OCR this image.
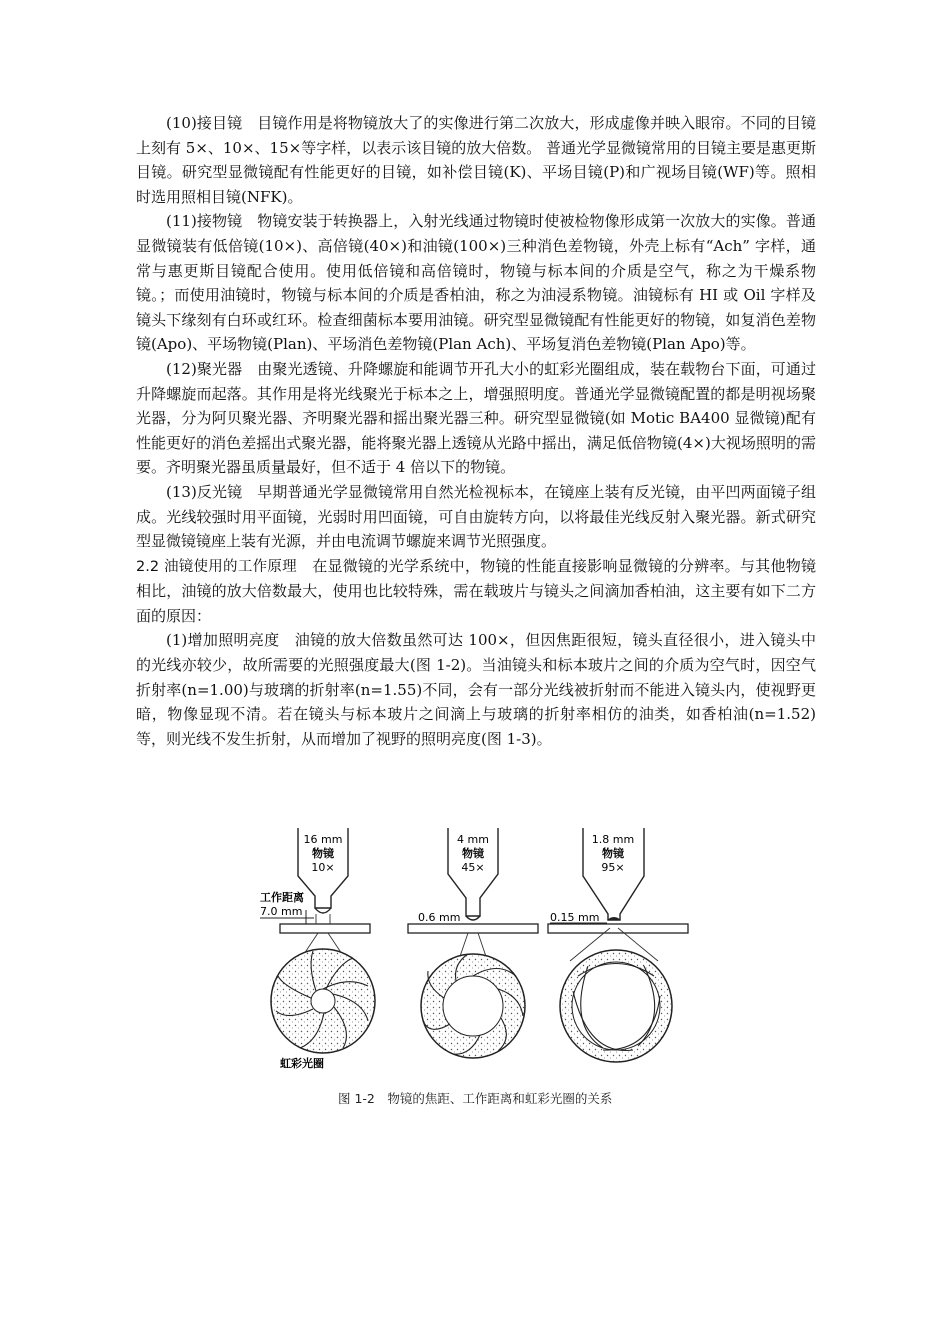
(10)接目镜　目镜作用是将物镜放大了的实像进行第二次放大，形成虚像并映入眼帘。不同的目镜上刻有 5×、10×、15×等字样，以表示该目镜的放大倍数。 普通光学显微镜常用的目镜主要是惠更斯目镜。研究型显微镜配有性能更好的目镜，如补偿目镜(K)、平场目镜(P)和广视场目镜(WF)等。照相时选用照相目镜(NFK)。

(11)接物镜　物镜安装于转换器上，入射光线通过物镜时使被检物像形成第一次放大的实像。普通显微镜装有低倍镜(10×)、高倍镜(40×)和油镜(100×)三种消色差物镜，外壳上标有“Ach” 字样，通常与惠更斯目镜配合使用。使用低倍镜和高倍镜时，物镜与标本间的介质是空气，称之为干燥系物镜。；而使用油镜时，物镜与标本间的介质是香柏油，称之为油浸系物镜。油镜标有 HI 或 Oil 字样及镜头下缘刻有白环或红环。检查细菌标本要用油镜。研究型显微镜配有性能更好的物镜，如复消色差物镜(Apo)、平场物镜(Plan)、平场消色差物镜(Plan Ach)、平场复消色差物镜(Plan Apo)等。

(12)聚光器　由聚光透镜、升降螺旋和能调节开孔大小的虹彩光圈组成，装在载物台下面，可通过升降螺旋而起落。其作用是将光线聚光于标本之上，增强照明度。普通光学显微镜配置的都是明视场聚光器，分为阿贝聚光器、齐明聚光器和摇出聚光器三种。研究型显微镜(如 Motic BA400 显微镜)配有性能更好的消色差摇出式聚光器，能将聚光器上透镜从光路中摇出，满足低倍物镜(4×)大视场照明的需要。齐明聚光器虽质量最好，但不适于 4 倍以下的物镜。

(13)反光镜　早期普通光学显微镜常用自然光检视标本，在镜座上装有反光镜，由平凹两面镜子组成。光线较强时用平面镜，光弱时用凹面镜，可自由旋转方向，以将最佳光线反射入聚光器。新式研究型显微镜镜座上装有光源，并由电流调节螺旋来调节光照强度。

2.2 油镜使用的工作原理　在显微镜的光学系统中，物镜的性能直接影响显微镜的分辨率。与其他物镜相比，油镜的放大倍数最大，使用也比较特殊，需在载玻片与镜头之间滴加香柏油，这主要有如下二方面的原因：

(1)增加照明亮度　油镜的放大倍数虽然可达 100×，但因焦距很短，镜头直径很小，进入镜头中的光线亦较少，故所需要的光照强度最大(图 1-2)。当油镜头和标本玻片之间的介质为空气时，因空气折射率(n=1.00)与玻璃的折射率(n=1.55)不同，会有一部分光线被折射而不能进入镜头内，使视野更暗，物像显现不清。若在镜头与标本玻片之间滴上与玻璃的折射率相仿的油类，如香柏油(n=1.52)等，则光线不发生折射，从而增加了视野的照明亮度(图 1-3)。

16 mm
物镜
10×
工作距离
7.0 mm
4 mm
物镜
45×
0.6 mm
1.8 mm
物镜
95×
0.15 mm
虹彩光圈
图 1-2　物镜的焦距、工作距离和虹彩光圈的关系
